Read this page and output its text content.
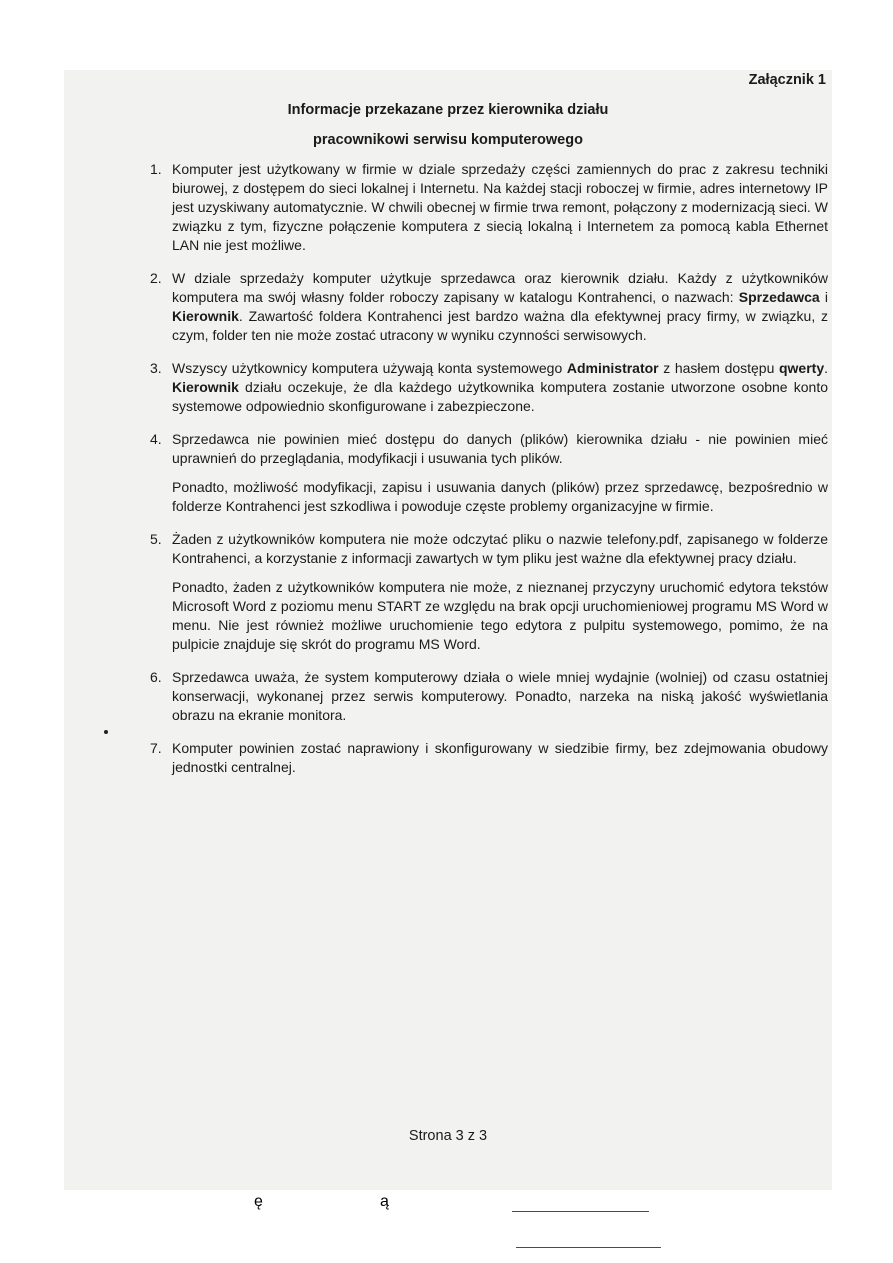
Załącznik 1
Informacje przekazane przez kierownika działu
pracownikowi serwisu komputerowego
1. Komputer jest użytkowany w firmie w dziale sprzedaży części zamiennych do prac z zakresu techniki biurowej, z dostępem do sieci lokalnej i Internetu. Na każdej stacji roboczej w firmie, adres internetowy IP jest uzyskiwany automatycznie. W chwili obecnej w firmie trwa remont, połączony z modernizacją sieci. W związku z tym, fizyczne połączenie komputera z siecią lokalną i Internetem za pomocą kabla Ethernet LAN nie jest możliwe.

2. W dziale sprzedaży komputer użytkuje sprzedawca oraz kierownik działu. Każdy z użytkowników komputera ma swój własny folder roboczy zapisany w katalogu Kontrahenci, o nazwach: Sprzedawca i Kierownik. Zawartość foldera Kontrahenci jest bardzo ważna dla efektywnej pracy firmy, w związku, z czym, folder ten nie może zostać utracony w wyniku czynności serwisowych.

3. Wszyscy użytkownicy komputera używają konta systemowego Administrator z hasłem dostępu qwerty. Kierownik działu oczekuje, że dla każdego użytkownika komputera zostanie utworzone osobne konto systemowe odpowiednio skonfigurowane i zabezpieczone.

4. Sprzedawca nie powinien mieć dostępu do danych (plików) kierownika działu - nie powinien mieć uprawnień do przeglądania, modyfikacji i usuwania tych plików.

Ponadto, możliwość modyfikacji, zapisu i usuwania danych (plików) przez sprzedawcę, bezpośrednio w folderze Kontrahenci jest szkodliwa i powoduje częste problemy organizacyjne w firmie.

5. Żaden z użytkowników komputera nie może odczytać pliku o nazwie telefony.pdf, zapisanego w folderze Kontrahenci, a korzystanie z informacji zawartych w tym pliku jest ważne dla efektywnej pracy działu.

Ponadto, żaden z użytkowników komputera nie może, z nieznanej przyczyny uruchomić edytora tekstów Microsoft Word z poziomu menu START ze względu na brak opcji uruchomieniowej programu MS Word w menu. Nie jest również możliwe uruchomienie tego edytora z pulpitu systemowego, pomimo, że na pulpicie znajduje się skrót do programu MS Word.

6. Sprzedawca uważa, że system komputerowy działa o wiele mniej wydajnie (wolniej) od czasu ostatniej konserwacji, wykonanej przez serwis komputerowy. Ponadto, narzeka na niską jakość wyświetlania obrazu na ekranie monitora.

7. Komputer powinien zostać naprawiony i skonfigurowany w siedzibie firmy, bez zdejmowania obudowy jednostki centralnej.

Strona 3 z 3
ę	ą
